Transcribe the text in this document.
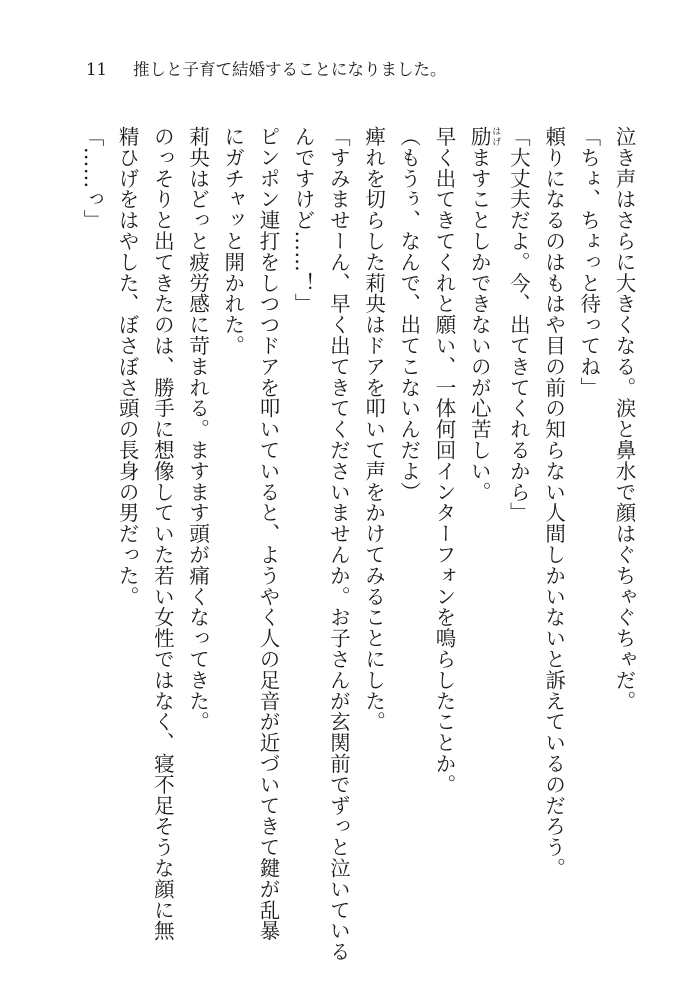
11 推しと子育て結婚することになりました。
泣き声はさらに大きくなる。涙と鼻水で顔はぐちゃぐちゃだ。
「ちょ、ちょっと待ってね」
頼りになるのはもはや目の前の知らない人間しかいないと訴えているのだろう。
「大丈夫だよ。今、出てきてくれるから」
励 はげますことしかできないのが心苦しい。
早く出てきてくれと願い、一体何回インターフォンを鳴らしたことか。
（もうぅ、なんで、出てこないんだよ）
痺れを切らした莉央はドアを叩いて声をかけてみることにした。
「すみませーん、早く出てきてくださいませんか。お子さんが玄関前でずっと泣いている
んですけど……！」
ピンポン連打をしつつドアを叩いていると、ようやく人の足音が近づいてきて鍵が乱暴
にガチャッと開かれた。
莉央はどっと疲労感に苛まれる。ますます頭が痛くなってきた。
のっそりと出てきたのは、勝手に想像していた若い女性ではなく、寝不足そうな顔に無
精ひげをはやした、ぼさぼさ頭の長身の男だった。
「……っ」
